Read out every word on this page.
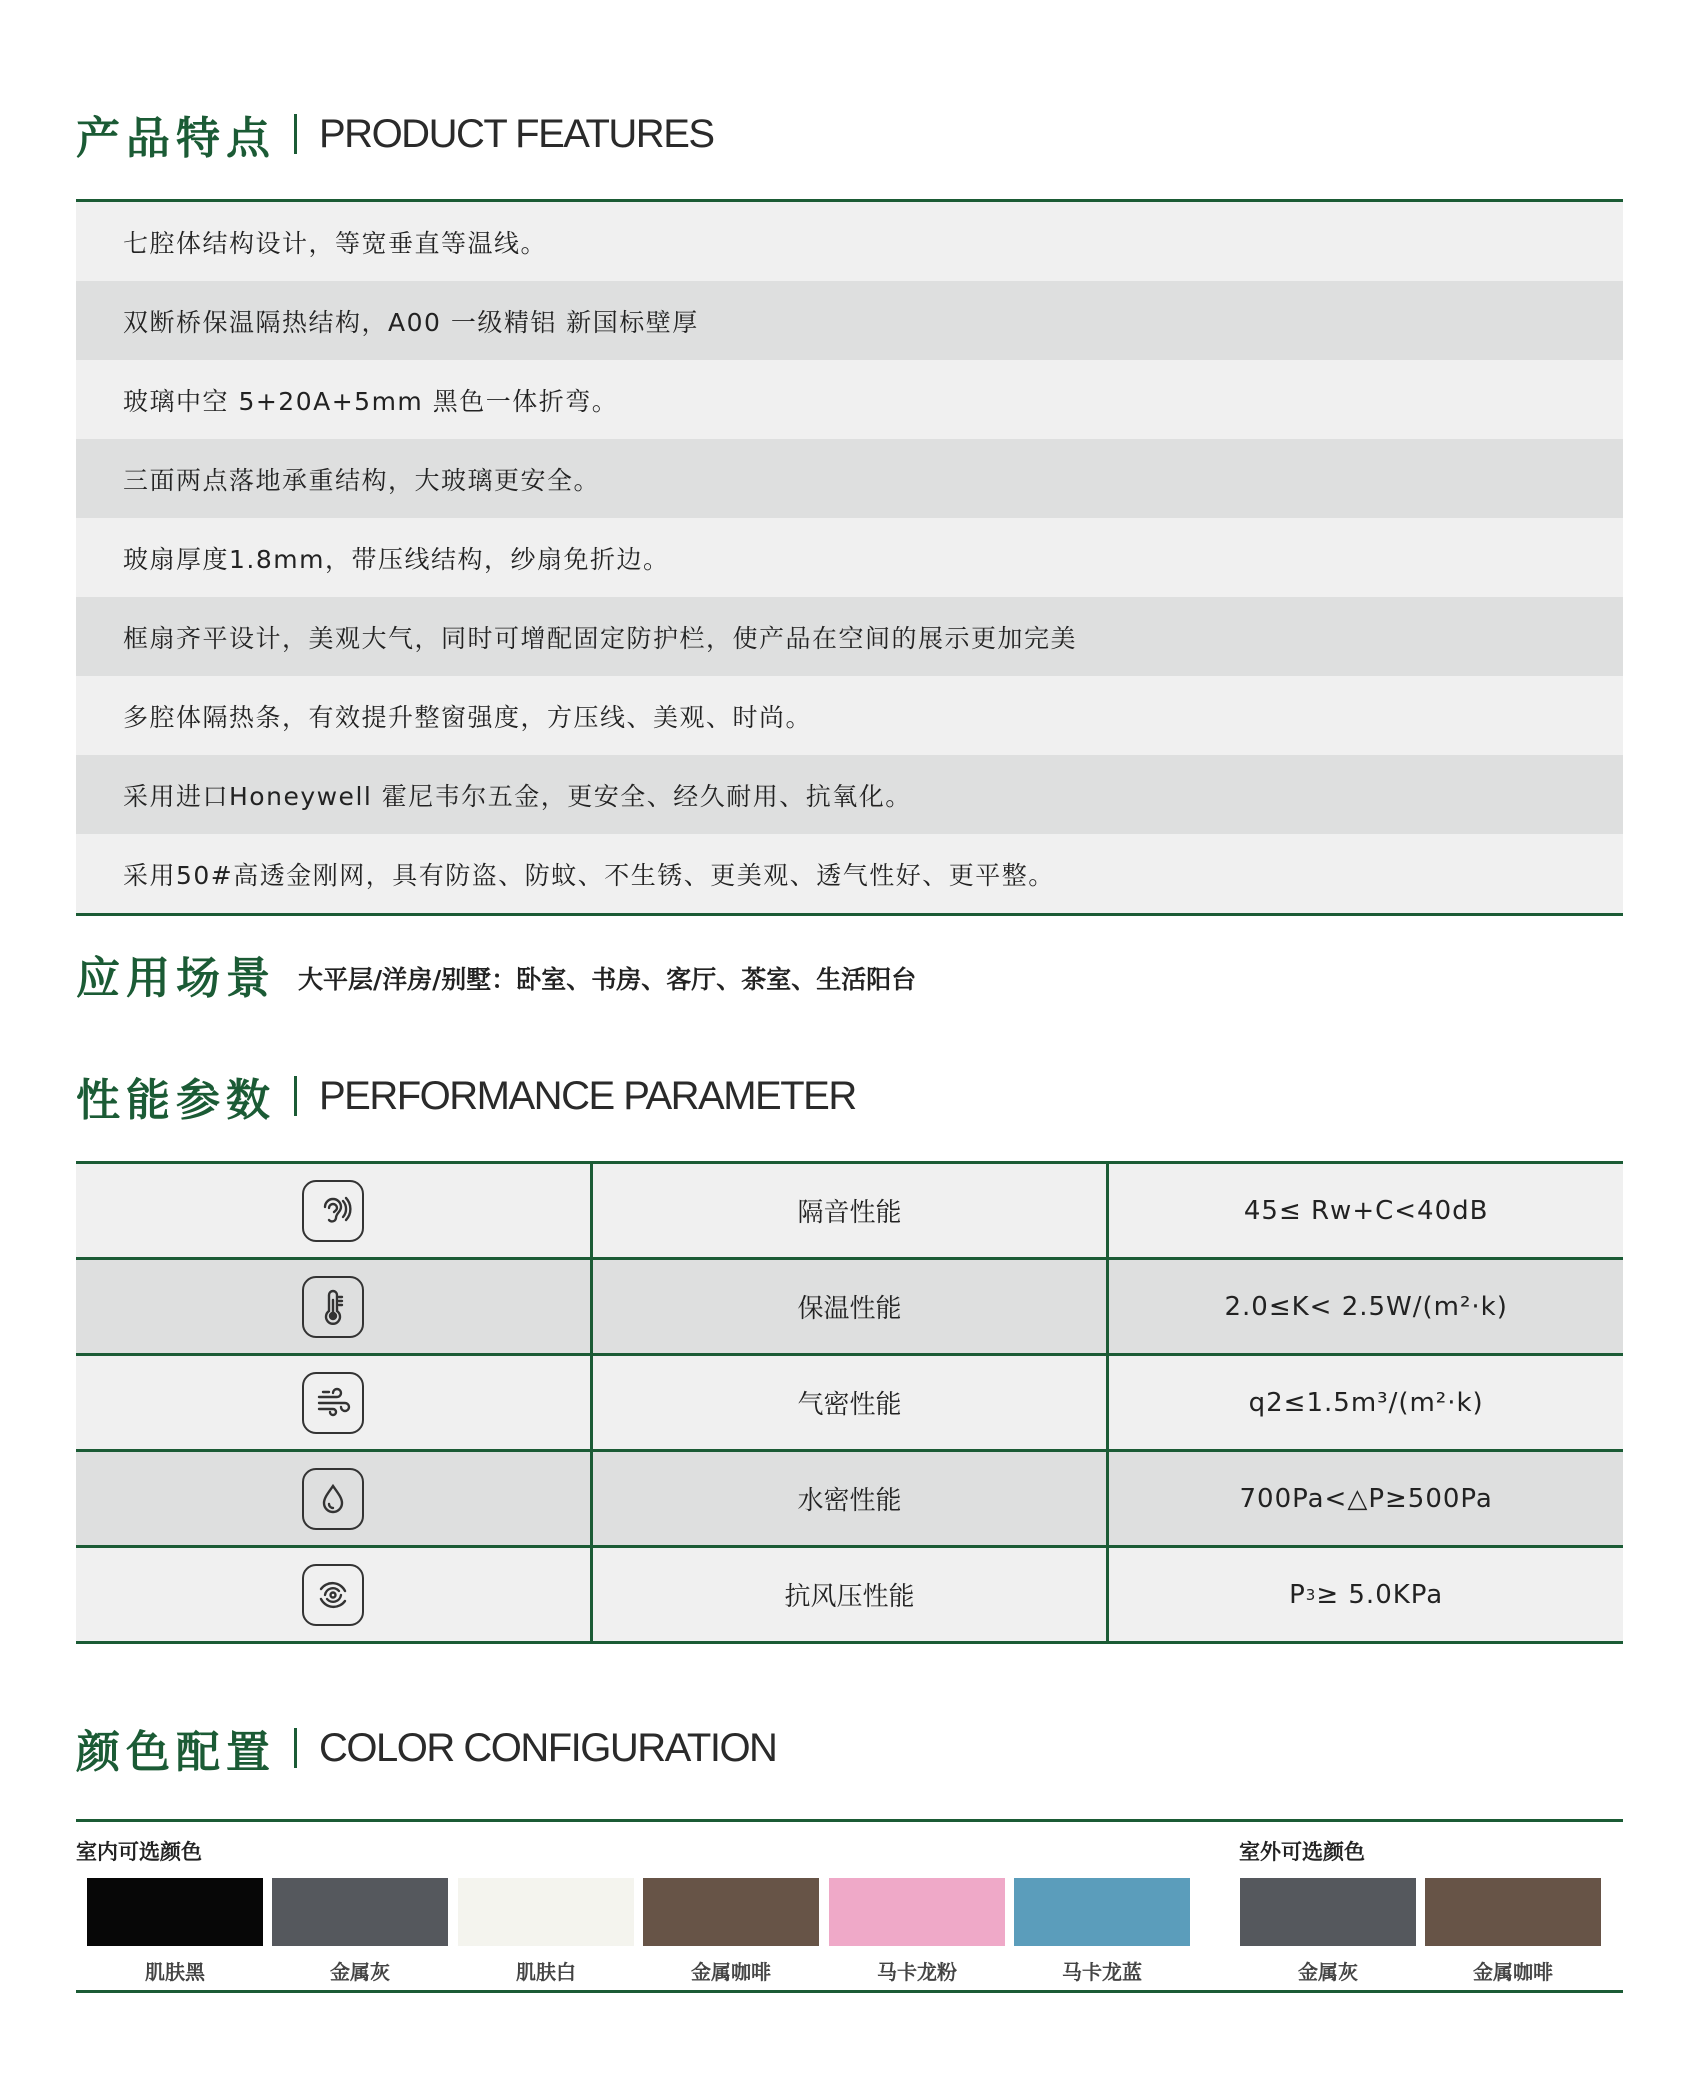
产品特点 PRODUCT FEATURES
七腔体结构设计，等宽垂直等温线。
双断桥保温隔热结构，A00 一级精铝 新国标壁厚
玻璃中空 5+20A+5mm 黑色一体折弯。
三面两点落地承重结构，大玻璃更安全。
玻扇厚度1.8mm，带压线结构，纱扇免折边。
框扇齐平设计，美观大气，同时可增配固定防护栏，使产品在空间的展示更加完美
多腔体隔热条，有效提升整窗强度，方压线、美观、时尚。
采用进口Honeywell 霍尼韦尔五金，更安全、经久耐用、抗氧化。
采用50#高透金刚网，具有防盗、防蚊、不生锈、更美观、透气性好、更平整。
应用场景 大平层/洋房/别墅：卧室、书房、客厅、茶室、生活阳台
性能参数 PERFORMANCE PARAMETER
隔音性能	45≤ Rw+C<40dB
保温性能	2.0≤K< 2.5W/(m²·k)
气密性能	q2≤1.5m³/(m²·k)
水密性能	700Pa<△P≥500Pa
抗风压性能	P 3 ≥ 5.0KPa
颜色配置 COLOR CONFIGURATION
室内可选颜色	室外可选颜色
肌肤黑	金属灰	肌肤白	金属咖啡	马卡龙粉	马卡龙蓝	金属灰	金属咖啡
